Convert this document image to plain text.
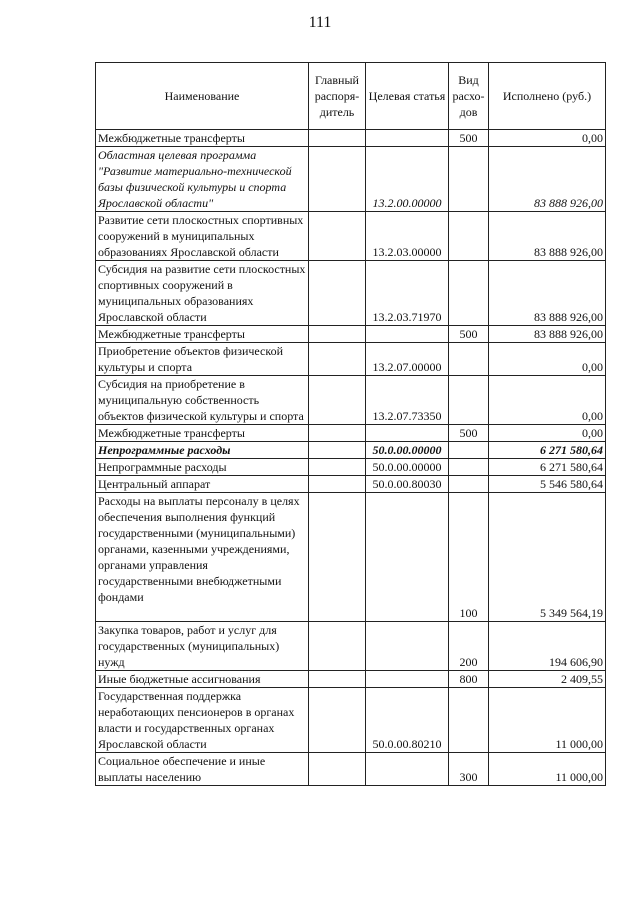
111
Наименование	Главный распоря-дитель	Целевая статья	Вид расхо-дов	Исполнено (руб.)
Межбюджетные трансферты			500	0,00
Областная целевая программа "Развитие материально-технической базы физической культуры и спорта Ярославской области"		13.2.00.00000		83 888 926,00
Развитие сети плоскостных спортивных сооружений в муниципальных образованиях Ярославской области		13.2.03.00000		83 888 926,00
Субсидия на развитие сети плоскостных спортивных сооружений в муниципальных образованиях Ярославской области		13.2.03.71970		83 888 926,00
Межбюджетные трансферты			500	83 888 926,00
Приобретение объектов физической культуры и спорта		13.2.07.00000		0,00
Субсидия на приобретение в муниципальную собственность объектов физической культуры и спорта		13.2.07.73350		0,00
Межбюджетные трансферты			500	0,00
Непрограммные расходы		50.0.00.00000		6 271 580,64
Непрограммные расходы		50.0.00.00000		6 271 580,64
Центральный аппарат		50.0.00.80030		5 546 580,64
Расходы на выплаты персоналу в целях обеспечения выполнения функций государственными (муниципальными) органами, казенными учреждениями, органами управления государственными внебюджетными фондами			100	5 349 564,19
Закупка товаров, работ и услуг для государственных (муниципальных) нужд			200	194 606,90
Иные бюджетные ассигнования			800	2 409,55
Государственная поддержка неработающих пенсионеров в органах власти и государственных органах Ярославской области		50.0.00.80210		11 000,00
Социальное обеспечение и иные выплаты населению			300	11 000,00
